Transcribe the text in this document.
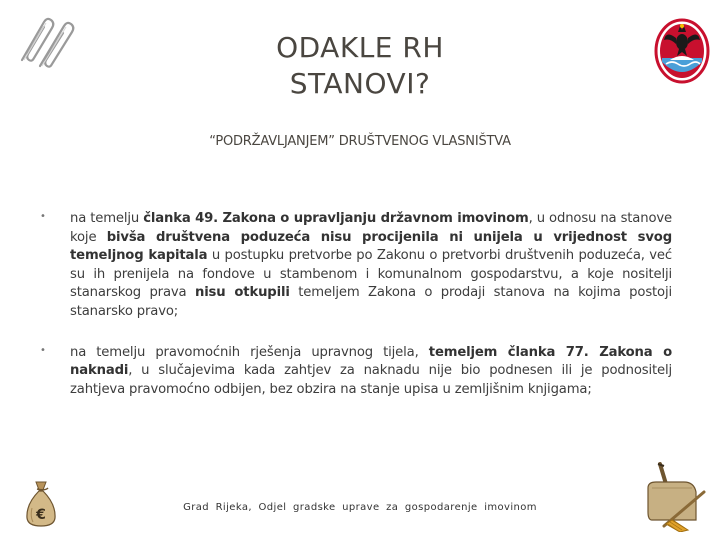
ODAKLE RH
STANOVI?
“PODRŽAVLJANJEM” DRUŠTVENOG VLASNIŠTVA
• na temelju članka 49. Zakona o upravljanju državnom imovinom, u odnosu na stanove koje bivša društvena poduzeća nisu procijenila ni unijela u vrijednost svog temeljnog kapitala u postupku pretvorbe po Zakonu o pretvorbi društvenih poduzeća, već su ih prenijela na fondove u stambenom i komunalnom gospodarstvu, a koje nositelji stanarskog prava nisu otkupili temeljem Zakona o prodaji stanova na kojima postoji stanarsko pravo;
• na temelju pravomoćnih rješenja upravnog tijela, temeljem članka 77. Zakona o naknadi, u slučajevima kada zahtjev za naknadu nije bio podnesen ili je podnositelj zahtjeva pravomoćno odbijen, bez obzira na stanje upisa u zemljišnim knjigama;
€	Grad Rijeka, Odjel gradske uprave za gospodarenje imovinom
